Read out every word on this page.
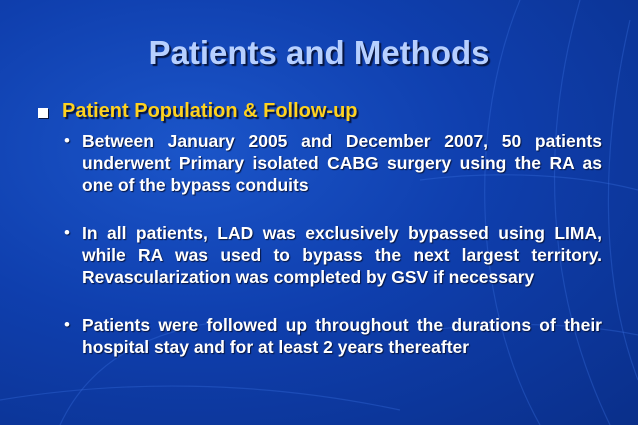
Patients and Methods
Patient Population & Follow-up
• Between January 2005 and December 2007, 50 patients underwent Primary isolated CABG surgery using the RA as one of the bypass conduits
• In all patients, LAD was exclusively bypassed using LIMA, while RA was used to bypass the next largest territory. Revascularization was completed by GSV if necessary
• Patients were followed up throughout the durations of their hospital stay and for at least 2 years thereafter
